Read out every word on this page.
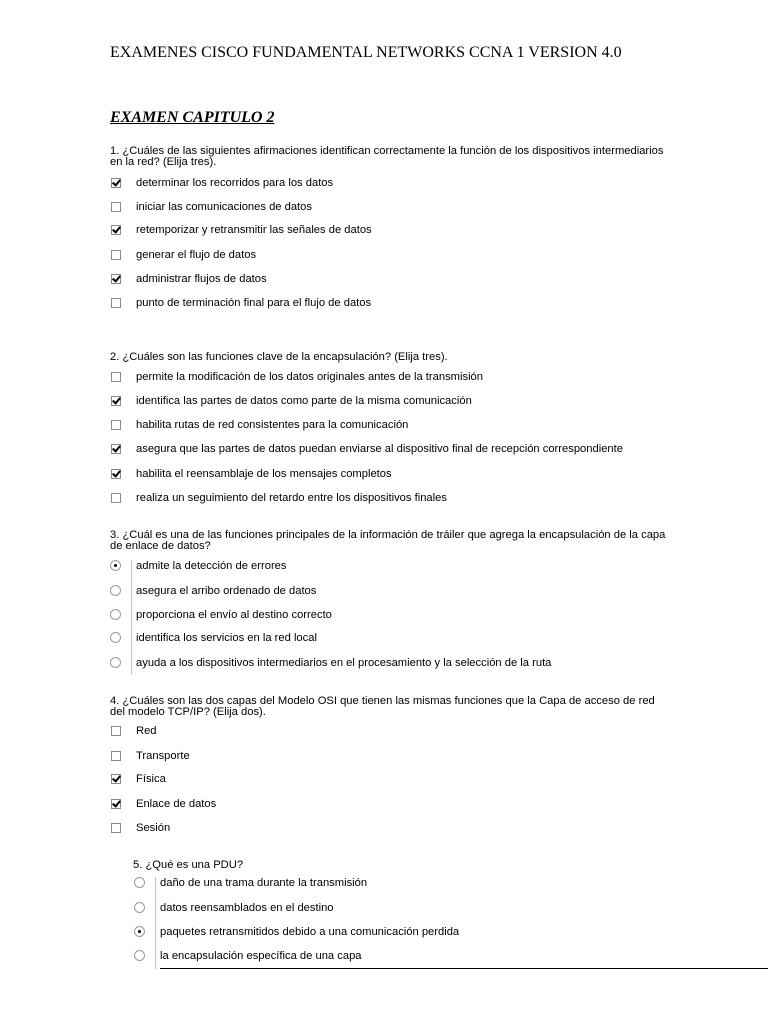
EXAMENES CISCO FUNDAMENTAL NETWORKS CCNA 1 VERSION 4.0
EXAMEN CAPITULO 2
1. ¿Cuáles de las siguientes afirmaciones identifican correctamente la función de los dispositivos intermediarios en la red? (Elija tres).
determinar los recorridos para los datos
iniciar las comunicaciones de datos
retemporizar y retransmitir las señales de datos
generar el flujo de datos
administrar flujos de datos
punto de terminación final para el flujo de datos
2. ¿Cuáles son las funciones clave de la encapsulación? (Elija tres).
permite la modificación de los datos originales antes de la transmisión
identifica las partes de datos como parte de la misma comunicación
habilita rutas de red consistentes para la comunicación
asegura que las partes de datos puedan enviarse al dispositivo final de recepción correspondiente
habilita el reensamblaje de los mensajes completos
realiza un seguimiento del retardo entre los dispositivos finales
3. ¿Cuál es una de las funciones principales de la información de tráiler que agrega la encapsulación de la capa de enlace de datos?
admite la detección de errores
asegura el arribo ordenado de datos
proporciona el envío al destino correcto
identifica los servicios en la red local
ayuda a los dispositivos intermediarios en el procesamiento y la selección de la ruta
4. ¿Cuáles son las dos capas del Modelo OSI que tienen las mismas funciones que la Capa de acceso de red del modelo TCP/IP? (Elija dos).
Red
Transporte
Física
Enlace de datos
Sesión
5. ¿Qué es una PDU?
daño de una trama durante la transmisión
datos reensamblados en el destino
paquetes retransmitidos debido a una comunicación perdida
la encapsulación específica de una capa
